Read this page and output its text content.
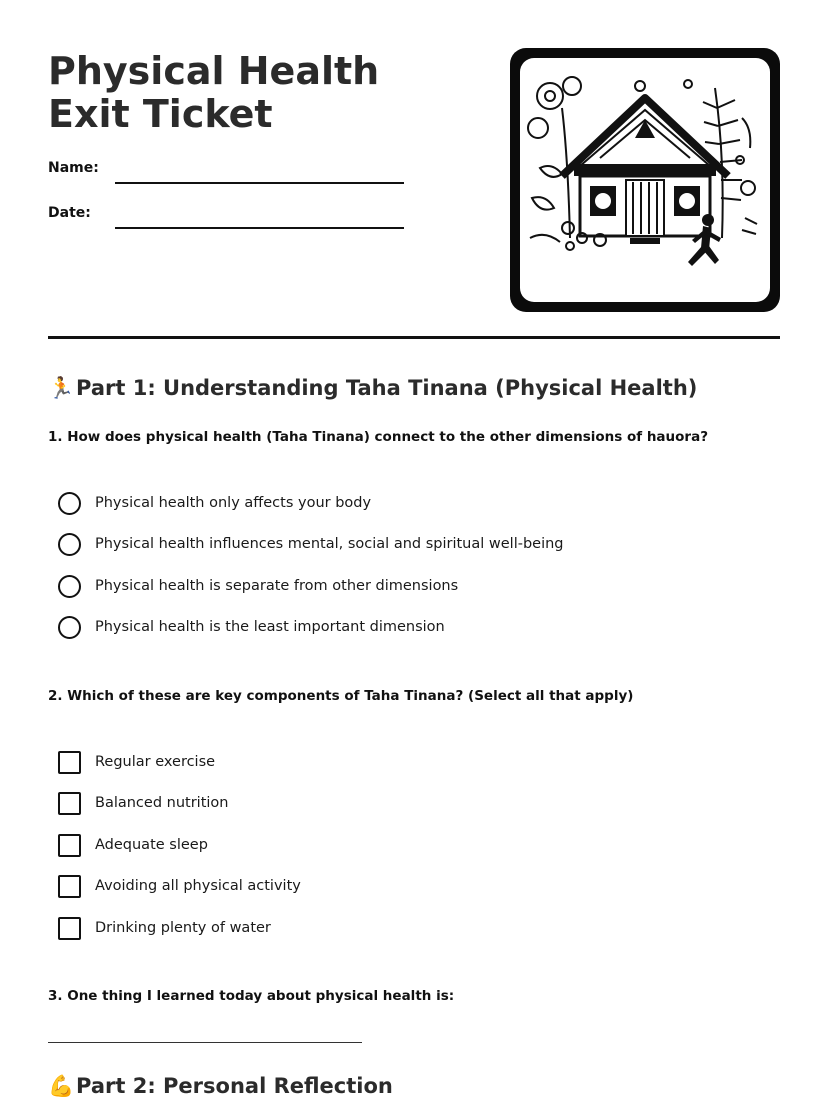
Physical Health Exit Ticket
Name:
Date:
🏃Part 1: Understanding Taha Tinana (Physical Health)
1. How does physical health (Taha Tinana) connect to the other dimensions of hauora?
Physical health only affects your body
Physical health influences mental, social and spiritual well-being
Physical health is separate from other dimensions
Physical health is the least important dimension
2. Which of these are key components of Taha Tinana? (Select all that apply)
Regular exercise
Balanced nutrition
Adequate sleep
Avoiding all physical activity
Drinking plenty of water
3. One thing I learned today about physical health is:
💪Part 2: Personal Reflection
